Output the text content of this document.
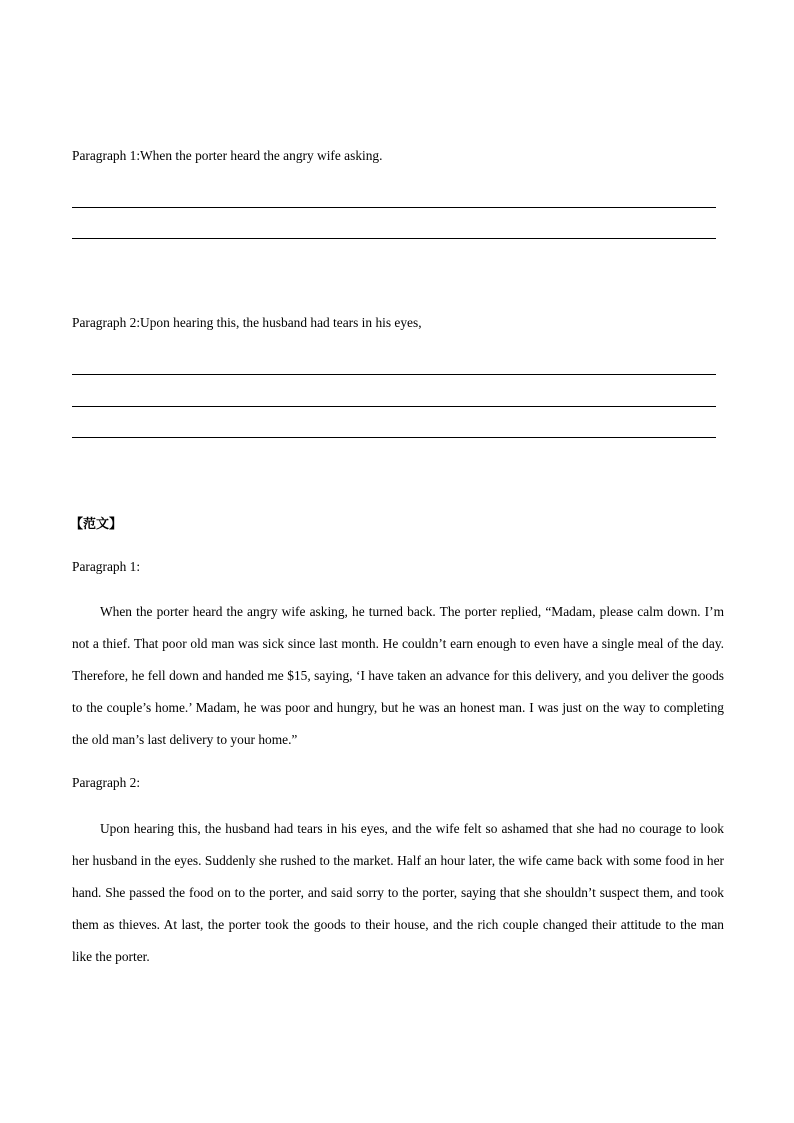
Paragraph 1:When the porter heard the angry wife asking.
Paragraph 2:Upon hearing this, the husband had tears in his eyes,
【范文】
Paragraph 1:
When the porter heard the angry wife asking, he turned back. The porter replied, “Madam, please calm down. I’m not a thief. That poor old man was sick since last month. He couldn’t earn enough to even have a single meal of the day. Therefore, he fell down and handed me $15, saying, ‘I have taken an advance for this delivery, and you deliver the goods to the couple’s home.’ Madam, he was poor and hungry, but he was an honest man. I was just on the way to completing the old man’s last delivery to your home.”
Paragraph 2:
Upon hearing this, the husband had tears in his eyes, and the wife felt so ashamed that she had no courage to look her husband in the eyes. Suddenly she rushed to the market. Half an hour later, the wife came back with some food in her hand. She passed the food on to the porter, and said sorry to the porter, saying that she shouldn’t suspect them, and took them as thieves. At last, the porter took the goods to their house, and the rich couple changed their attitude to the man like the porter.
